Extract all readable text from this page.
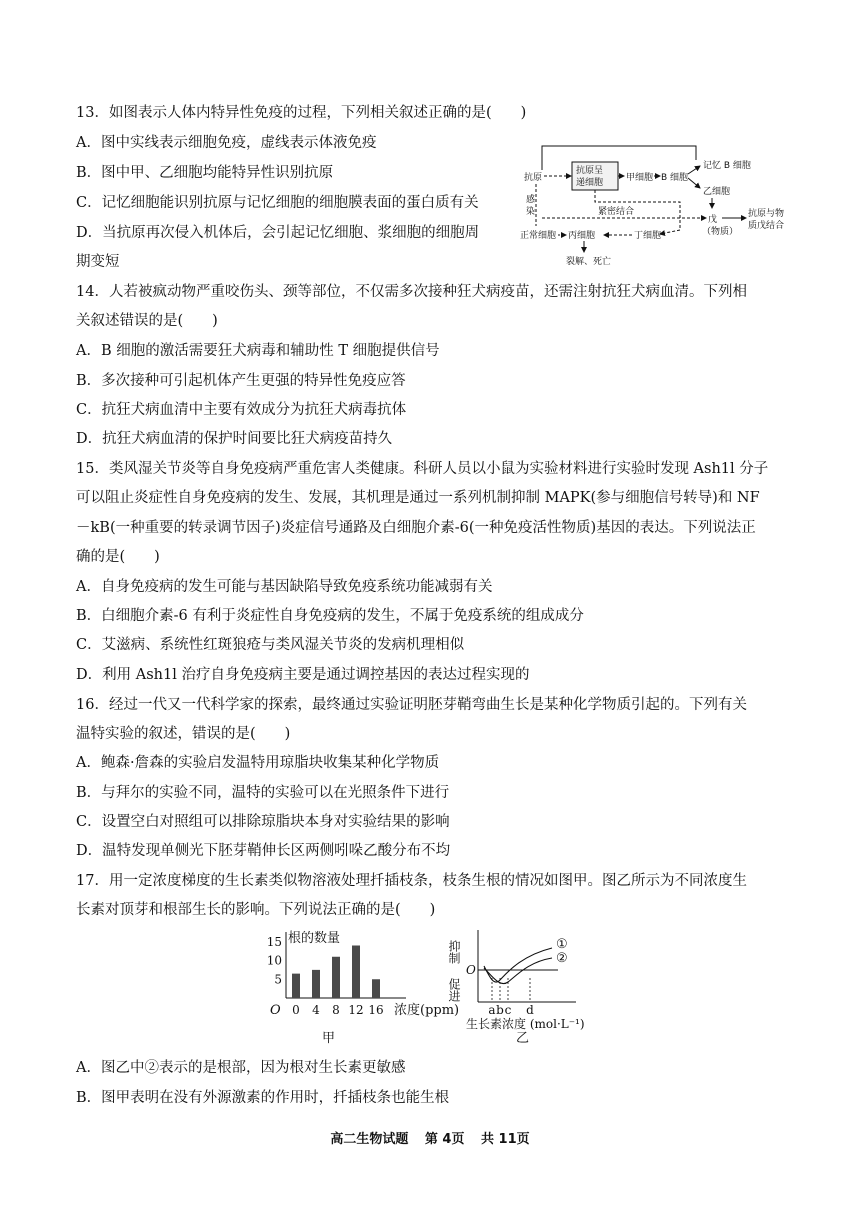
13．如图表示人体内特异性免疫的过程，下列相关叙述正确的是(　　)
A．图中实线表示细胞免疫，虚线表示体液免疫
B．图中甲、乙细胞均能特异性识别抗原
C．记忆细胞能识别抗原与记忆细胞的细胞膜表面的蛋白质有关
D．当抗原再次侵入机体后，会引起记忆细胞、浆细胞的细胞周
期变短
抗原呈
递细胞
抗原	甲细胞 B 细胞
记忆 B 细胞
乙细胞
感
染	紧密结合
戊
（物质）
抗原与物
质戊结合
正常细胞 丙细胞	丁细胞
裂解、死亡
14．人若被疯动物严重咬伤头、颈等部位，不仅需多次接种狂犬病疫苗，还需注射抗狂犬病血清。下列相
关叙述错误的是(　　)
A．B 细胞的激活需要狂犬病毒和辅助性 T 细胞提供信号
B．多次接种可引起机体产生更强的特异性免疫应答
C．抗狂犬病血清中主要有效成分为抗狂犬病毒抗体
D．抗狂犬病血清的保护时间要比狂犬病疫苗持久
15．类风湿关节炎等自身免疫病严重危害人类健康。科研人员以小鼠为实验材料进行实验时发现 Ash1l 分子
可以阻止炎症性自身免疫病的发生、发展，其机理是通过一系列机制抑制 MAPK(参与细胞信号转导)和 NF
－kB(一种重要的转录调节因子)炎症信号通路及白细胞介素-6(一种免疫活性物质)基因的表达。下列说法正
确的是(　　)
A．自身免疫病的发生可能与基因缺陷导致免疫系统功能减弱有关
B．白细胞介素-6 有利于炎症性自身免疫病的发生，不属于免疫系统的组成成分
C．艾滋病、系统性红斑狼疮与类风湿关节炎的发病机理相似
D．利用 Ash1l 治疗自身免疫病主要是通过调控基因的表达过程实现的
16．经过一代又一代科学家的探索，最终通过实验证明胚芽鞘弯曲生长是某种化学物质引起的。下列有关
温特实验的叙述，错误的是(　　)
A．鲍森·詹森的实验启发温特用琼脂块收集某种化学物质
B．与拜尔的实验不同，温特的实验可以在光照条件下进行
C．设置空白对照组可以排除琼脂块本身对实验结果的影响
D．温特发现单侧光下胚芽鞘伸长区两侧吲哚乙酸分布不均
17．用一定浓度梯度的生长素类似物溶液处理扦插枝条，枝条生根的情况如图甲。图乙所示为不同浓度生
长素对顶芽和根部生长的影响。下列说法正确的是(　　)
根的数量
O
15
10
5
0 4 8 12 16 浓度(ppm)
甲
抑制
促进
O
①
②
a b c d
生长素浓度 (mol·L⁻¹)
乙
A．图乙中②表示的是根部，因为根对生长素更敏感
B．图甲表明在没有外源激素的作用时，扦插枝条也能生根
高二生物试题 第 4页 共 11页
